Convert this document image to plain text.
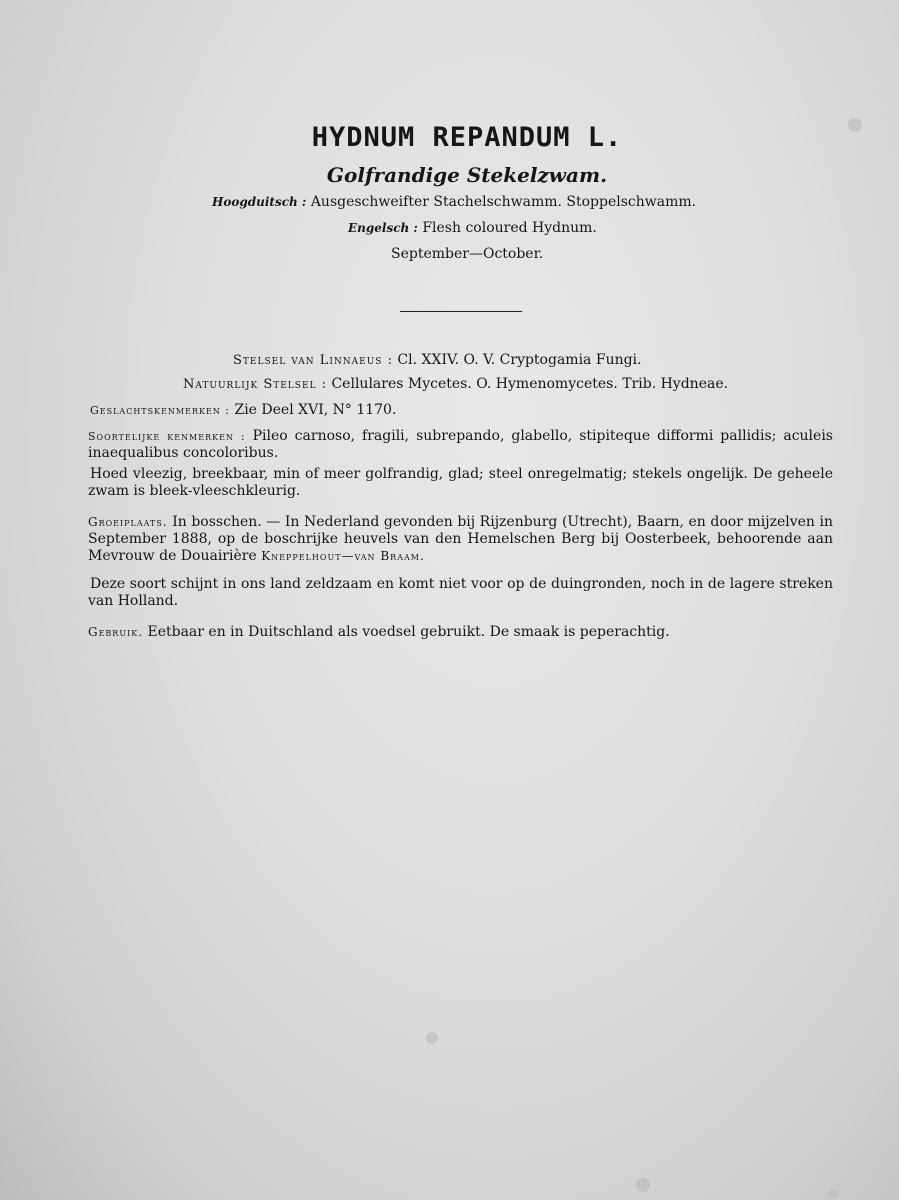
HYDNUM REPANDUM L.
Golfrandige Stekelzwam.
Hoogduitsch : Ausgeschweifter Stachelschwamm. Stoppelschwamm.
Engelsch : Flesh coloured Hydnum.
September—October.
Stelsel van Linnaeus : Cl. XXIV. O. V. Cryptogamia Fungi.
Natuurlijk Stelsel : Cellulares Mycetes. O. Hymenomycetes. Trib. Hydneae.
Geslachtskenmerken : Zie Deel XVI, N° 1170.
Soortelijke kenmerken : Pileo carnoso, fragili, subrepando, glabello, stipiteque difformi pallidis; aculeis inaequalibus concoloribus.
Hoed vleezig, breekbaar, min of meer golfrandig, glad; steel onregelmatig; stekels ongelijk. De geheele zwam is bleek-vleeschkleurig.
Groeiplaats. In bosschen. — In Nederland gevonden bij Rijzenburg (Utrecht), Baarn, en door mijzelven in September 1888, op de boschrijke heuvels van den Hemelschen Berg bij Oosterbeek, behoorende aan Mevrouw de Douairière Kneppelhout—van Braam.
Deze soort schijnt in ons land zeldzaam en komt niet voor op de duingronden, noch in de lagere streken van Holland.
Gebruik. Eetbaar en in Duitschland als voedsel gebruikt. De smaak is peperachtig.
